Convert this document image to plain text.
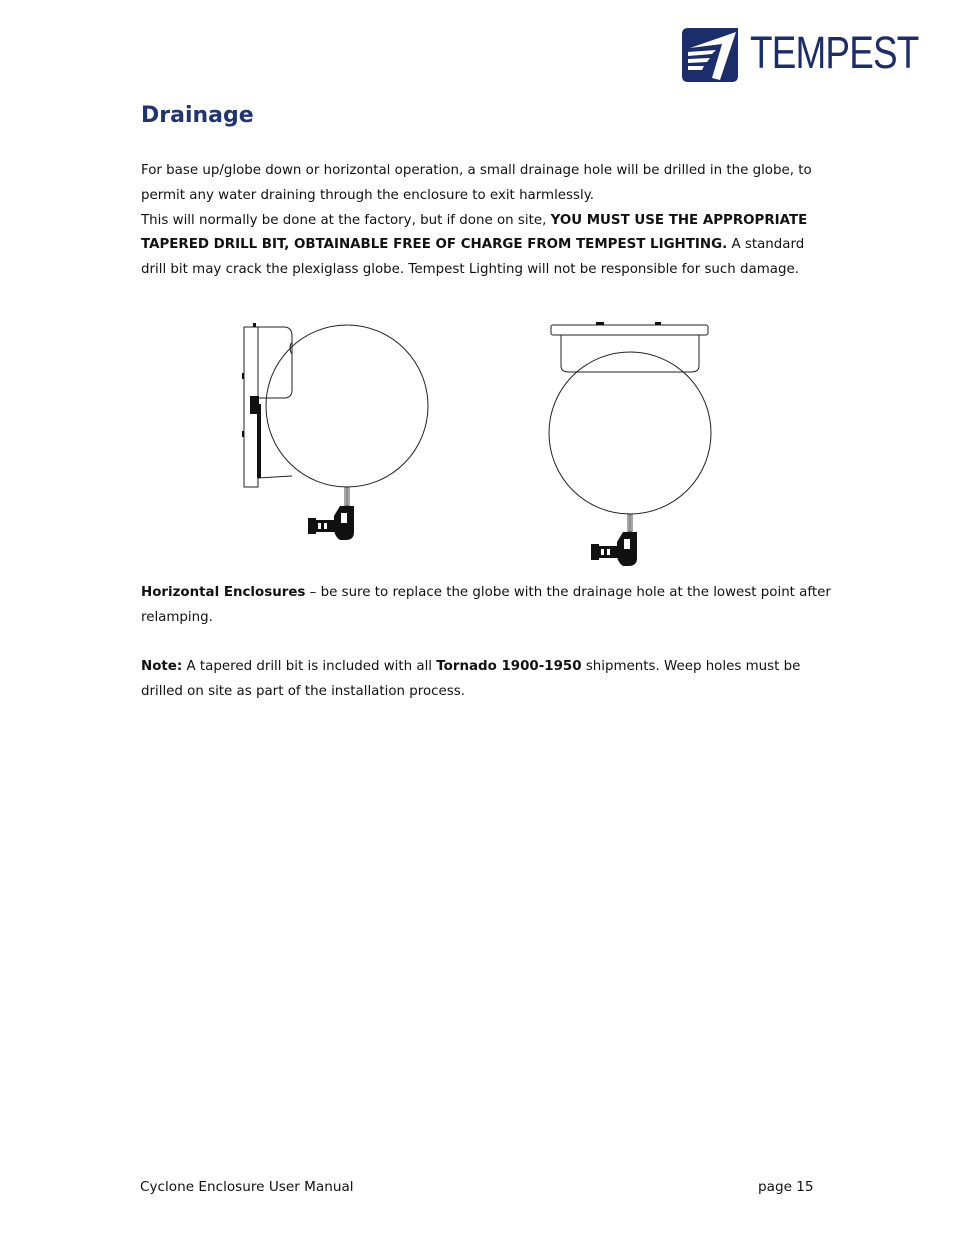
TEMPEST
Drainage
For base up/globe down or horizontal operation, a small drainage hole will be drilled in the globe, to permit any water draining through the enclosure to exit harmlessly.
This will normally be done at the factory, but if done on site, YOU MUST USE THE APPROPRIATE TAPERED DRILL BIT, OBTAINABLE FREE OF CHARGE FROM TEMPEST LIGHTING. A standard drill bit may crack the plexiglass globe. Tempest Lighting will not be responsible for such damage.
Horizontal Enclosures – be sure to replace the globe with the drainage hole at the lowest point after relamping.
Note: A tapered drill bit is included with all Tornado 1900-1950 shipments. Weep holes must be drilled on site as part of the installation process.
Cyclone Enclosure User Manual	page 15
